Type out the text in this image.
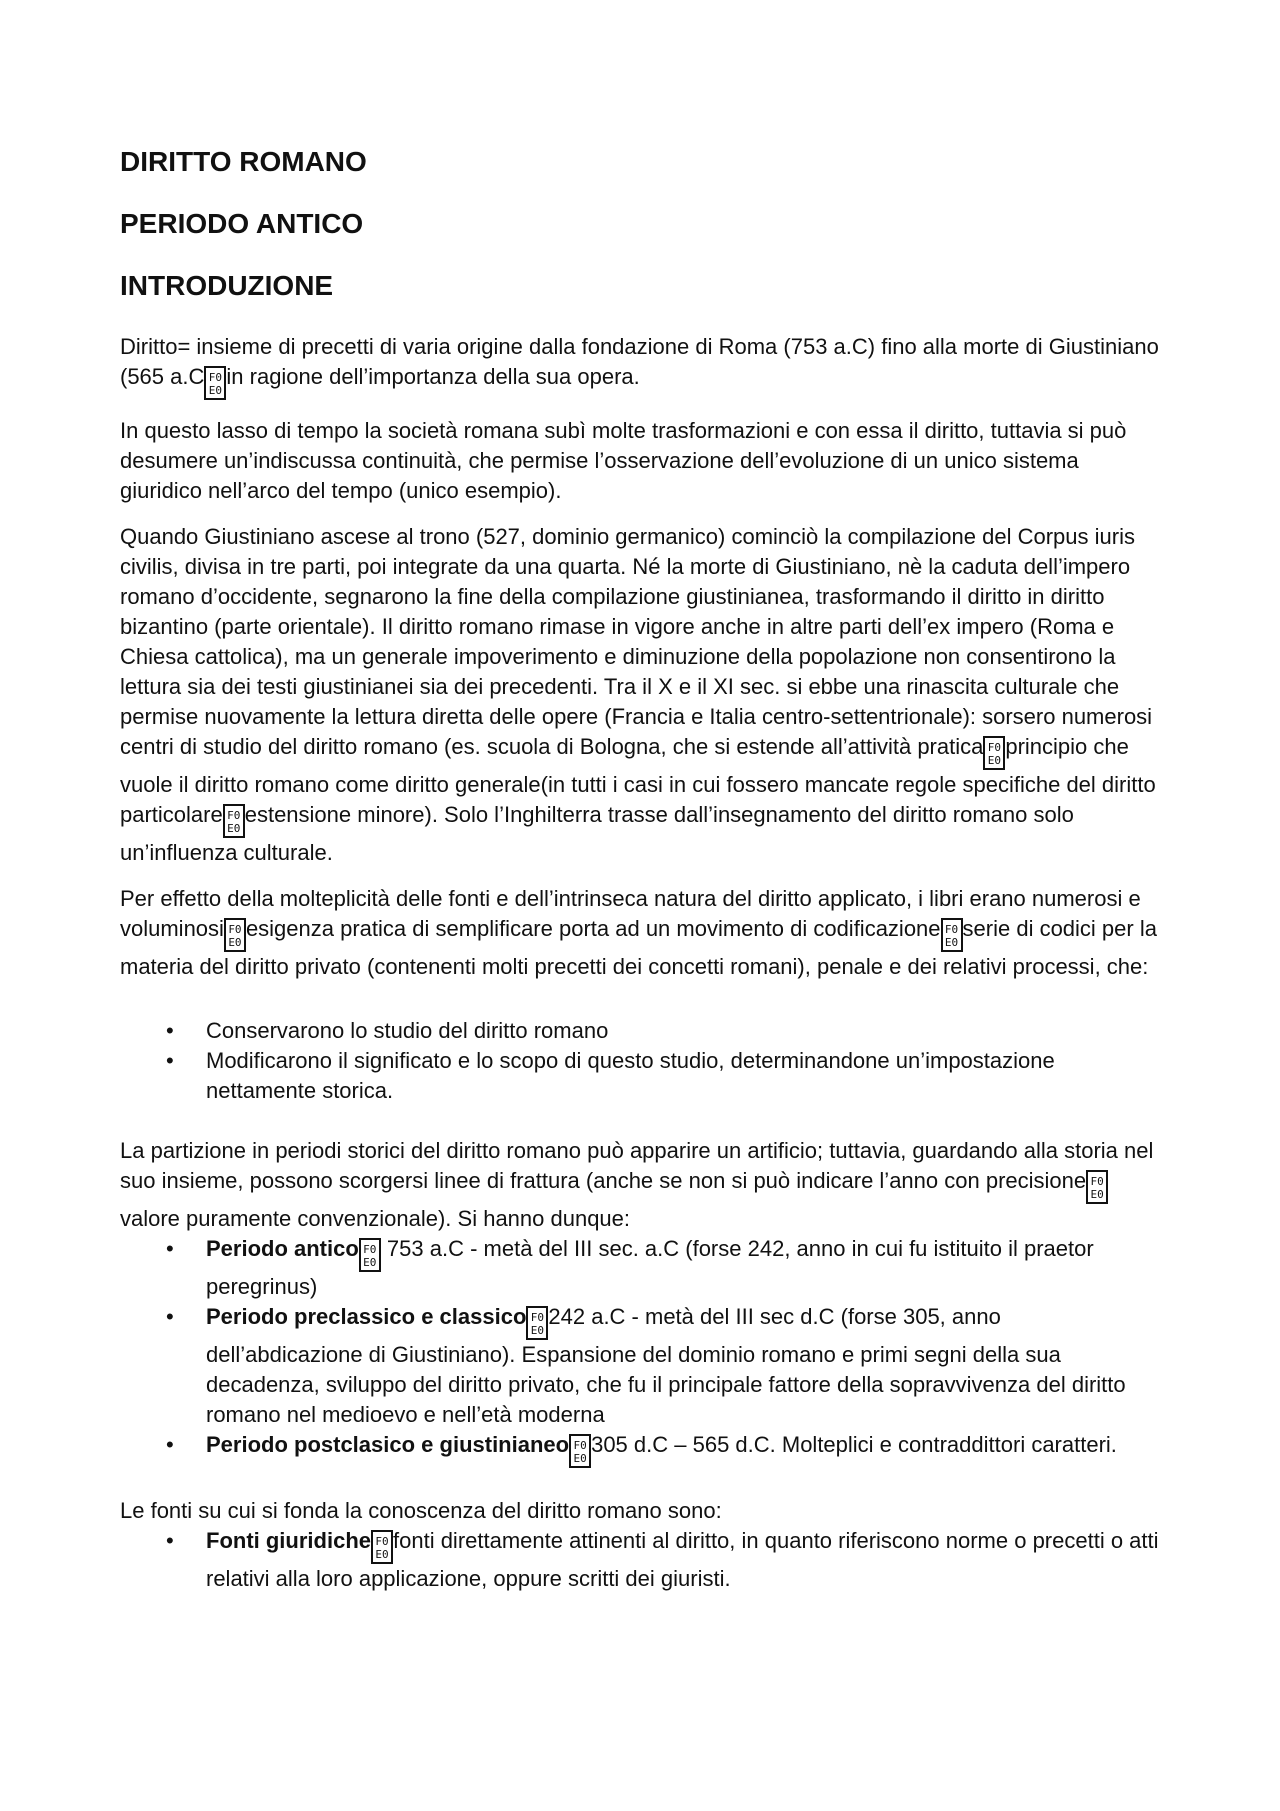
DIRITTO ROMANO
PERIODO ANTICO
INTRODUZIONE

Diritto= insieme di precetti di varia origine dalla fondazione di Roma (753 a.C) fino alla morte di Giustiniano (565 a.C F0
E0in ragione dell’importanza della sua opera.

In questo lasso di tempo la società romana subì molte trasformazioni e con essa il diritto, tuttavia si può desumere un’indiscussa continuità, che permise l’osservazione dell’evoluzione di un unico sistema giuridico nell’arco del tempo (unico esempio).

Quando Giustiniano ascese al trono (527, dominio germanico) cominciò la compilazione del Corpus iuris civilis, divisa in tre parti, poi integrate da una quarta. Né la morte di Giustiniano, nè la caduta dell’impero romano d’occidente, segnarono la fine della compilazione giustinianea, trasformando il diritto in diritto bizantino (parte orientale). Il diritto romano rimase in vigore anche in altre parti dell’ex impero (Roma e Chiesa cattolica), ma un generale impoverimento e diminuzione della popolazione non consentirono la lettura sia dei testi giustinianei sia dei precedenti. Tra il X e il XI sec. si ebbe una rinascita culturale che permise nuovamente la lettura diretta delle opere (Francia e Italia centro-settentrionale): sorsero numerosi centri di studio del diritto romano (es. scuola di Bologna, che si estende all’attività pratica F0
E0principio che vuole il diritto romano come diritto generale(in tutti i casi in cui fossero mancate regole specifiche del diritto particolare F0
E0estensione minore). Solo l’Inghilterra trasse dall’insegnamento del diritto romano solo un’influenza culturale.

Per effetto della molteplicità delle fonti e dell’intrinseca natura del diritto applicato, i libri erano numerosi e voluminosi F0
E0esigenza pratica di semplificare porta ad un movimento di codificazione F0
E0serie di codici per la materia del diritto privato (contenenti molti precetti dei concetti romani), penale e dei relativi processi, che:

• Conservarono lo studio del diritto romano
• Modificarono il significato e lo scopo di questo studio, determinandone un’impostazione nettamente storica.

La partizione in periodi storici del diritto romano può apparire un artificio; tuttavia, guardando alla storia nel suo insieme, possono scorgersi linee di frattura (anche se non si può indicare l’anno con precisione F0
E0valore puramente convenzionale). Si hanno dunque:

• Periodo antico F0
E0 753 a.C - metà del III sec. a.C (forse 242, anno in cui fu istituito il praetor peregrinus)
• Periodo preclassico e classico F0
E0242 a.C - metà del III sec d.C (forse 305, anno dell’abdicazione di Giustiniano). Espansione del dominio romano e primi segni della sua decadenza, sviluppo del diritto privato, che fu il principale fattore della sopravvivenza del diritto romano nel medioevo e nell’età moderna
• Periodo postclasico e giustinianeo F0
E0305 d.C – 565 d.C. Molteplici e contraddittori caratteri.

Le fonti su cui si fonda la conoscenza del diritto romano sono:

• Fonti giuridiche F0
E0fonti direttamente attinenti al diritto, in quanto riferiscono norme o precetti o atti relativi alla loro applicazione, oppure scritti dei giuristi.
